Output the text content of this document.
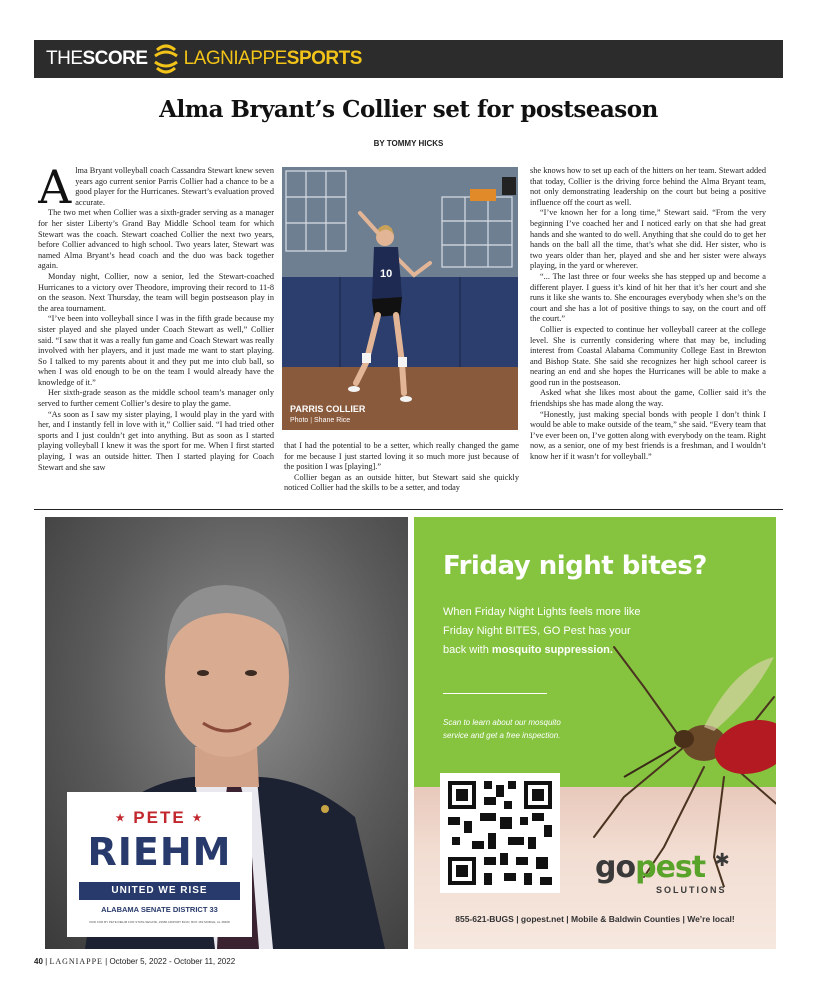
THE SCORE LAGNIAPPE SPORTS
Alma Bryant’s Collier set for postseason
BY TOMMY HICKS
A lma Bryant volleyball coach Cassandra Stewart knew seven years ago current senior Parris Collier had a chance to be a good player for the Hurricanes. Stewart’s evaluation proved accurate.

The two met when Collier was a sixth-grader serving as a manager for her sister Liberty’s Grand Bay Middle School team for which Stewart was the coach. Stewart coached Collier the next two years, before Collier advanced to high school. Two years later, Stewart was named Alma Bryant’s head coach and the duo was back together again.

Monday night, Collier, now a senior, led the Stewart-coached Hurricanes to a victory over Theodore, improving their record to 11-8 on the season. Next Thursday, the team will begin postseason play in the area tournament.

“I’ve been into volleyball since I was in the fifth grade because my sister played and she played under Coach Stewart as well,” Collier said. “I saw that it was a really fun game and Coach Stewart was really involved with her players, and it just made me want to start playing. So I talked to my parents about it and they put me into club ball, so when I was old enough to be on the team I would already have the knowledge of it.”

Her sixth-grade season as the middle school team’s manager only served to further cement Collier’s desire to play the game.

“As soon as I saw my sister playing, I would play in the yard with her, and I instantly fell in love with it,” Collier said. “I had tried other sports and I just couldn’t get into anything. But as soon as I started playing volleyball I knew it was the sport for me. When I first started playing, I was an outside hitter. Then I started playing for Coach Stewart and she saw

10
PARRIS COLLIER
Photo | Shane Rice

that I had the potential to be a setter, which really changed the game for me because I just started loving it so much more just because of the position I was [playing].”

Collier began as an outside hitter, but Stewart said she quickly noticed Collier had the skills to be a setter, and today

she knows how to set up each of the hitters on her team. Stewart added that today, Collier is the driving force behind the Alma Bryant team, not only demonstrating leadership on the court but being a positive influence off the court as well.

“I’ve known her for a long time,” Stewart said. “From the very beginning I’ve coached her and I noticed early on that she had great hands and she wanted to do well. Anything that she could do to get her hands on the ball all the time, that’s what she did. Her sister, who is two years older than her, played and she and her sister were always playing, in the yard or wherever.

“... The last three or four weeks she has stepped up and become a different player. I guess it’s kind of hit her that it’s her court and she runs it like she wants to. She encourages everybody when she’s on the court and she has a lot of positive things to say, on the court and off the court.”

Collier is expected to continue her volleyball career at the college level. She is currently considering where that may be, including interest from Coastal Alabama Community College East in Brewton and Bishop State. She said she recognizes her high school career is nearing an end and she hopes the Hurricanes will be able to make a good run in the postseason.

Asked what she likes most about the game, Collier said it’s the friendships she has made along the way.

“Honestly, just making special bonds with people I don’t think I would be able to make outside of the team,” she said. “Every team that I’ve ever been on, I’ve gotten along with everybody on the team. Right now, as a senior, one of my best friends is a freshman, and I wouldn’t know her if it wasn’t for volleyball.”

★ PETE ★
RIEHM
UNITED WE RISE
ALABAMA SENATE DISTRICT 33
PAID FOR BY PETE RIEHM FOR STATE SENATE, 23680 AIRPORT BLVD, BOX 169 MOBILE, AL 36608
Friday night bites?
When Friday Night Lights feels more like Friday Night BITES, GO Pest has your back with mosquito suppression.
Scan to learn about our mosquito service and get a free inspection.
gopest ✱
SOLUTIONS
855-621-BUGS | gopest.net | Mobile & Baldwin Counties | We’re local!
40 | LAGNIAPPE | October 5, 2022 - October 11, 2022
